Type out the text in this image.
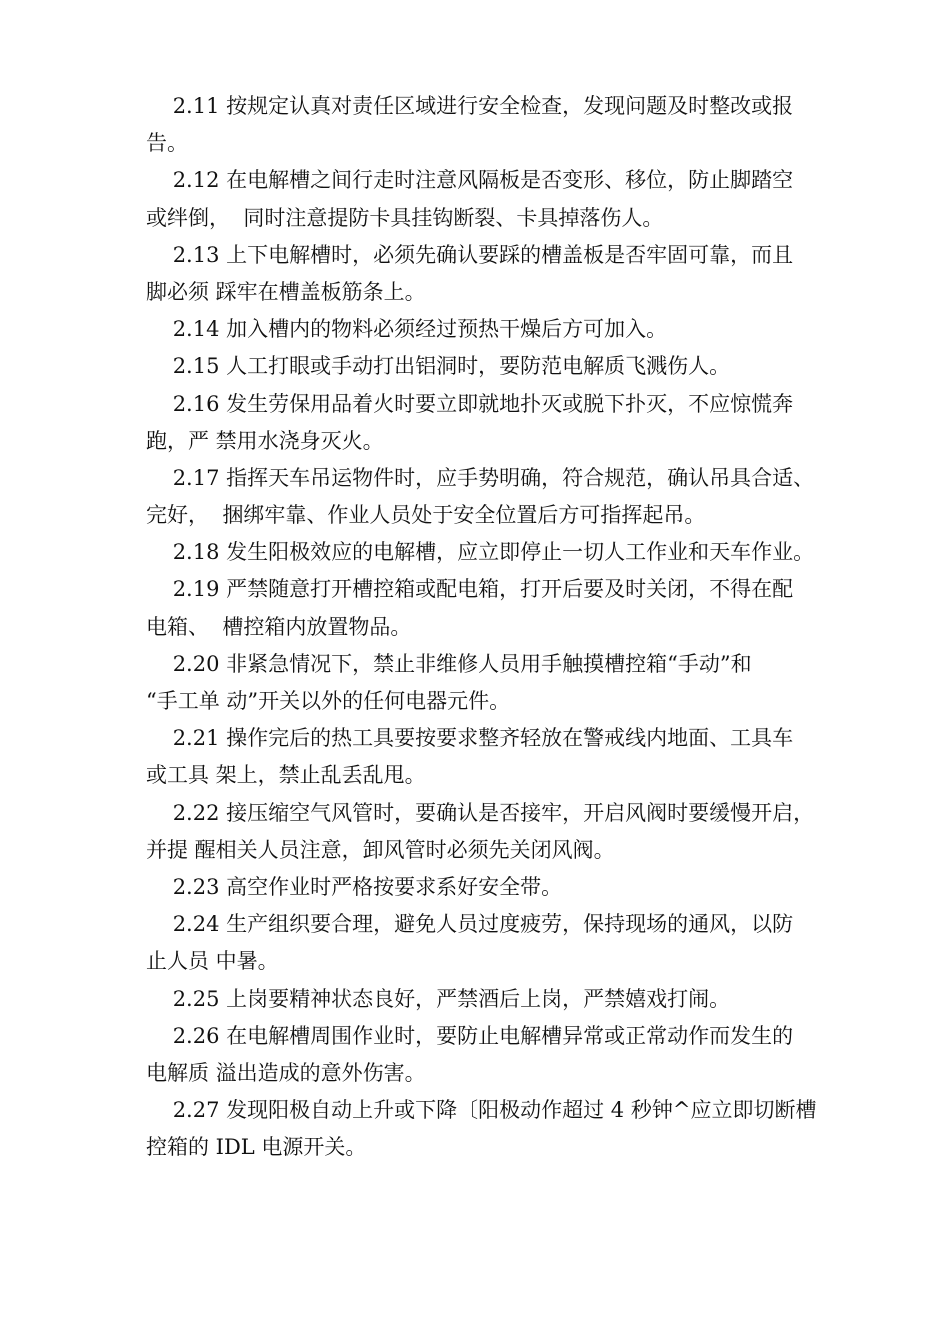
2.11 按规定认真对责任区域进行安全检查，发现问题及时整改或报
告。
2.12 在电解槽之间行走时注意风隔板是否变形、移位，防止脚踏空
或绊倒，  同时注意提防卡具挂钩断裂、卡具掉落伤人。
2.13 上下电解槽时，必须先确认要踩的槽盖板是否牢固可靠，而且
脚必须 踩牢在槽盖板筋条上。
2.14 加入槽内的物料必须经过预热干燥后方可加入。
2.15 人工打眼或手动打出铝洞时，要防范电解质飞溅伤人。
2.16 发生劳保用品着火时要立即就地扑灭或脱下扑灭，不应惊慌奔
跑，严 禁用水浇身灭火。
2.17 指挥天车吊运物件时，应手势明确，符合规范，确认吊具合适、
完好，  捆绑牢靠、作业人员处于安全位置后方可指挥起吊。
2.18 发生阳极效应的电解槽，应立即停止一切人工作业和天车作业。
2.19 严禁随意打开槽控箱或配电箱，打开后要及时关闭，不得在配
电箱、  槽控箱内放置物品。
2.20 非紧急情况下，禁止非维修人员用手触摸槽控箱“手动”和
“手工单 动”开关以外的任何电器元件。
2.21 操作完后的热工具要按要求整齐轻放在警戒线内地面、工具车
或工具 架上，禁止乱丢乱甩。
2.22 接压缩空气风管时，要确认是否接牢，开启风阀时要缓慢开启，
并提 醒相关人员注意，卸风管时必须先关闭风阀。
2.23 高空作业时严格按要求系好安全带。
2.24 生产组织要合理，避免人员过度疲劳，保持现场的通风，以防
止人员 中暑。
2.25 上岗要精神状态良好，严禁酒后上岗，严禁嬉戏打闹。
2.26 在电解槽周围作业时，要防止电解槽异常或正常动作而发生的
电解质 溢出造成的意外伤害。
2.27 发现阳极自动上升或下降〔阳极动作超过 4 秒钟^应立即切断槽
控箱的 IDL 电源开关。
